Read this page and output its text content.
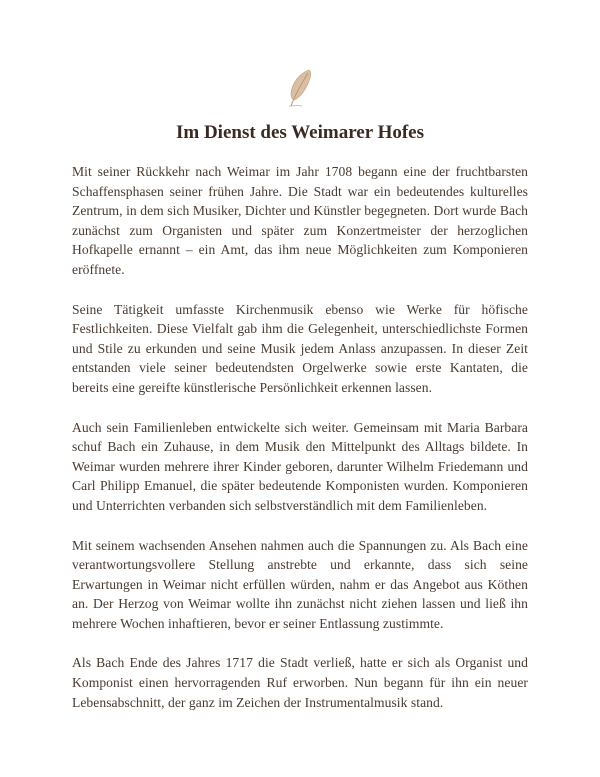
Im Dienst des Weimarer Hofes

Mit seiner Rückkehr nach Weimar im Jahr 1708 begann eine der fruchtbarsten Schaffensphasen seiner frühen Jahre. Die Stadt war ein bedeutendes kulturelles Zentrum, in dem sich Musiker, Dichter und Künstler begegneten. Dort wurde Bach zunächst zum Organisten und später zum Konzertmeister der herzoglichen Hofkapelle ernannt – ein Amt, das ihm neue Möglichkeiten zum Komponieren eröffnete.

Seine Tätigkeit umfasste Kirchenmusik ebenso wie Werke für höfische Festlichkeiten. Diese Vielfalt gab ihm die Gelegenheit, unterschiedlichste Formen und Stile zu erkunden und seine Musik jedem Anlass anzupassen. In dieser Zeit entstanden viele seiner bedeutendsten Orgelwerke sowie erste Kantaten, die bereits eine gereifte künstlerische Persönlichkeit erkennen lassen.

Auch sein Familienleben entwickelte sich weiter. Gemeinsam mit Maria Barbara schuf Bach ein Zuhause, in dem Musik den Mittelpunkt des Alltags bildete. In Weimar wurden mehrere ihrer Kinder geboren, darunter Wilhelm Friedemann und Carl Philipp Emanuel, die später bedeutende Komponisten wurden. Komponieren und Unterrichten verbanden sich selbstverständlich mit dem Familienleben.

Mit seinem wachsenden Ansehen nahmen auch die Spannungen zu. Als Bach eine verantwortungsvollere Stellung anstrebte und erkannte, dass sich seine Erwartungen in Weimar nicht erfüllen würden, nahm er das Angebot aus Köthen an. Der Herzog von Weimar wollte ihn zunächst nicht ziehen lassen und ließ ihn mehrere Wochen inhaftieren, bevor er seiner Entlassung zustimmte.

Als Bach Ende des Jahres 1717 die Stadt verließ, hatte er sich als Organist und Komponist einen hervorragenden Ruf erworben. Nun begann für ihn ein neuer Lebensabschnitt, der ganz im Zeichen der Instrumentalmusik stand.
